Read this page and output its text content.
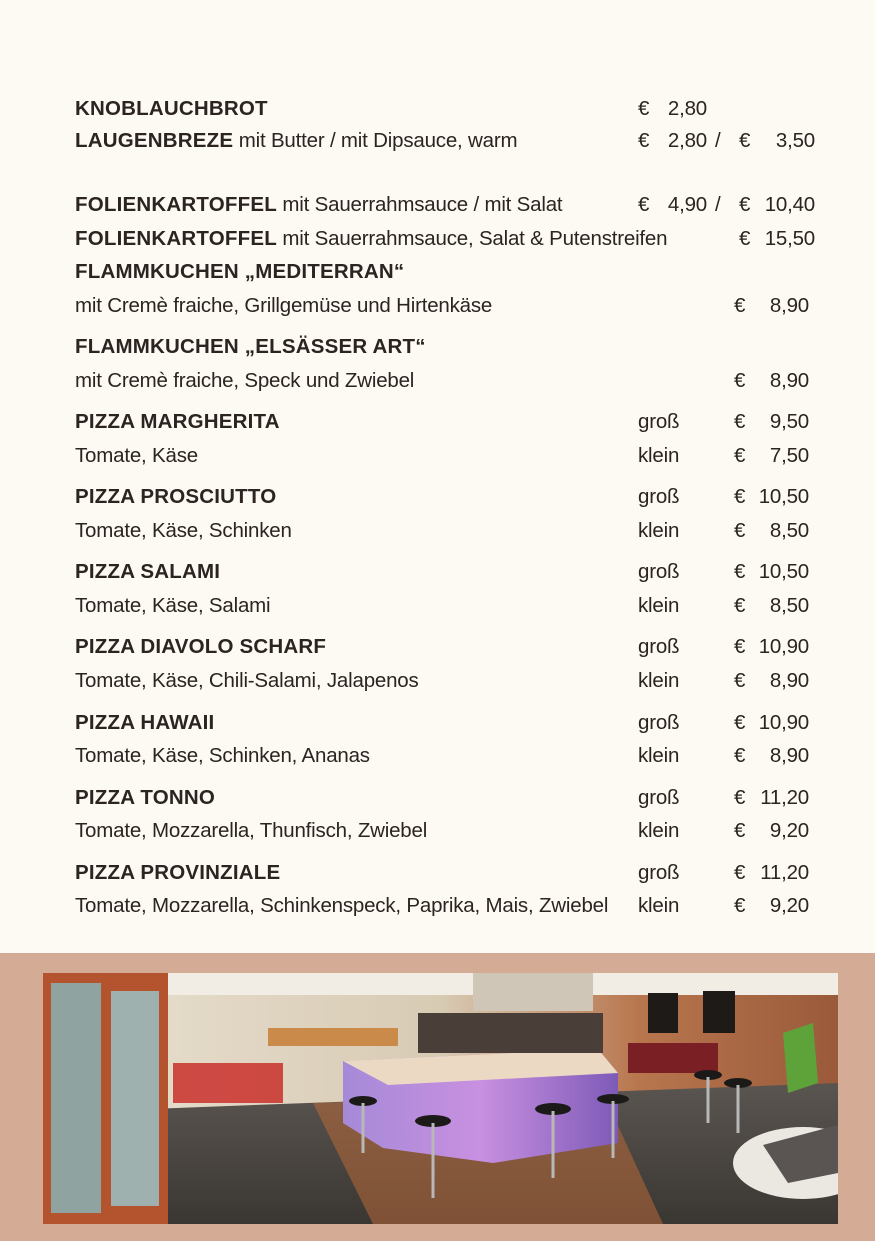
KNOBLAUCHBROT	€ 2,80
LAUGENBREZE mit Butter / mit Dipsauce, warm	€ 2,80 / €	3,50
FOLIENKARTOFFEL mit Sauerrahmsauce / mit Salat	€ 4,90 / € 10,40
FOLIENKARTOFFEL mit Sauerrahmsauce, Salat & Putenstreifen	€ 15,50
FLAMMKUCHEN „MEDITERRAN“
mit Cremè fraiche, Grillgemüse und Hirtenkäse	€	8,90
FLAMMKUCHEN „ELSÄSSER ART“
mit Cremè fraiche, Speck und Zwiebel	€	8,90
PIZZA MARGHERITA	groß	€	9,50
Tomate, Käse	klein	€	7,50
PIZZA PROSCIUTTO	groß	€ 10,50
Tomate, Käse, Schinken	klein	€	8,50
PIZZA SALAMI	groß	€ 10,50
Tomate, Käse, Salami	klein	€	8,50
PIZZA DIAVOLO SCHARF	groß	€ 10,90
Tomate, Käse, Chili-Salami, Jalapenos	klein	€	8,90
PIZZA HAWAII	groß	€ 10,90
Tomate, Käse, Schinken, Ananas	klein	€	8,90
PIZZA TONNO	groß	€ 11,20
Tomate, Mozzarella, Thunfisch, Zwiebel	klein	€	9,20
PIZZA PROVINZIALE	groß	€ 11,20
Tomate, Mozzarella, Schinkenspeck, Paprika, Mais, Zwiebel klein	€	9,20
